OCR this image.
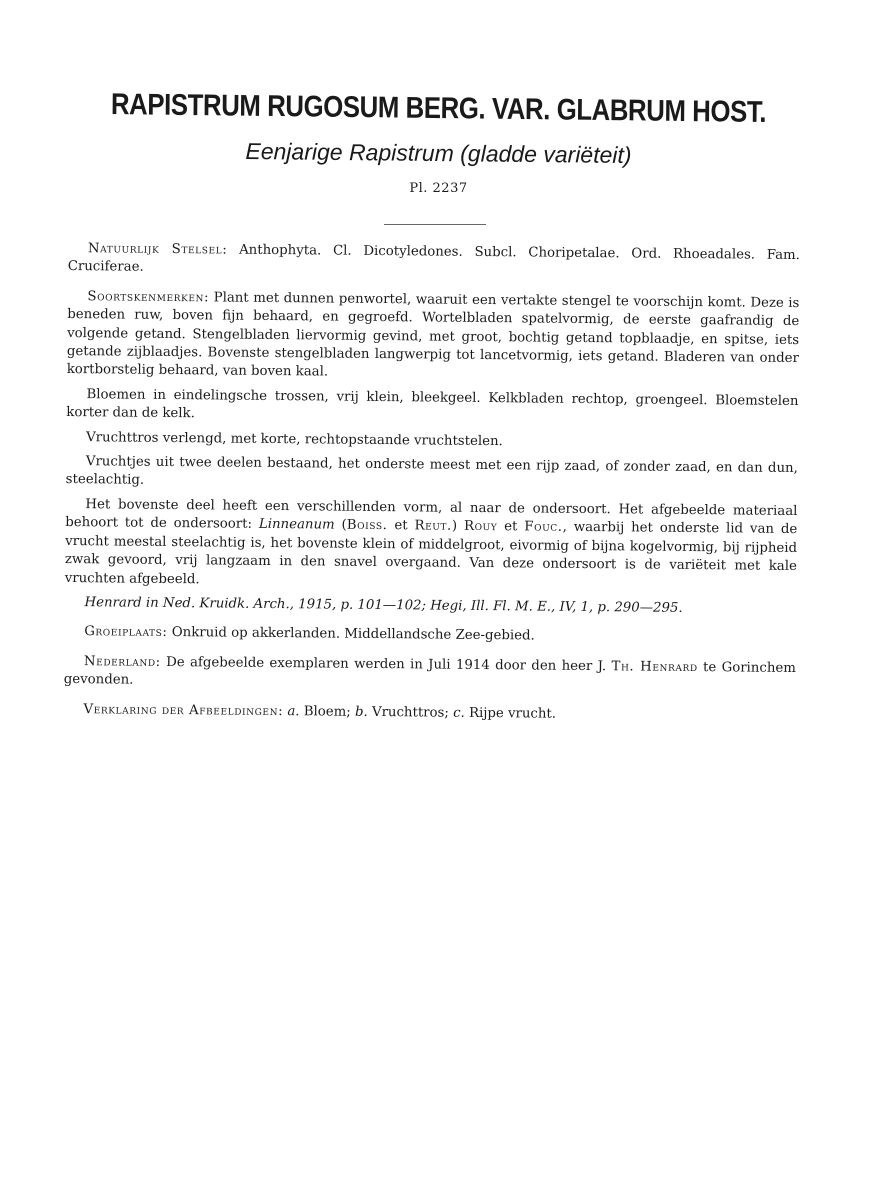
RAPISTRUM RUGOSUM BERG. VAR. GLABRUM HOST.
Eenjarige Rapistrum (gladde variëteit)
Pl. 2237

Natuurlijk Stelsel: Anthophyta. Cl. Dicotyledones. Subcl. Choripetalae. Ord. Rhoeadales. Fam. Cruciferae.

Soortskenmerken: Plant met dunnen penwortel, waaruit een vertakte stengel te voorschijn komt. Deze is beneden ruw, boven fijn behaard, en gegroefd. Wortelbladen spatelvormig, de eerste gaafrandig de volgende getand. Stengelbladen liervormig gevind, met groot, bochtig getand topblaadje, en spitse, iets getande zijblaadjes. Bovenste stengelbladen langwerpig tot lancetvormig, iets getand. Bladeren van onder kortborstelig behaard, van boven kaal.

Bloemen in eindelingsche trossen, vrij klein, bleekgeel. Kelkbladen rechtop, groengeel. Bloemstelen korter dan de kelk.

Vruchttros verlengd, met korte, rechtopstaande vruchtstelen.

Vruchtjes uit twee deelen bestaand, het onderste meest met een rijp zaad, of zonder zaad, en dan dun, steelachtig.

Het bovenste deel heeft een verschillenden vorm, al naar de ondersoort. Het afgebeelde materiaal behoort tot de ondersoort: Linneanum (Boiss. et Reut.) Rouy et Fouc., waarbij het onderste lid van de vrucht meestal steelachtig is, het bovenste klein of middelgroot, eivormig of bijna kogelvormig, bij rijpheid zwak gevoord, vrij langzaam in den snavel overgaand. Van deze ondersoort is de variëteit met kale vruchten afgebeeld.

Henrard in Ned. Kruidk. Arch., 1915, p. 101—102; Hegi, Ill. Fl. M. E., IV, 1, p. 290—295.

Groeiplaats: Onkruid op akkerlanden. Middellandsche Zee-gebied.

Nederland: De afgebeelde exemplaren werden in Juli 1914 door den heer J. Th. Henrard te Gorinchem gevonden.

Verklaring der Afbeeldingen: a. Bloem; b. Vruchttros; c. Rijpe vrucht.
